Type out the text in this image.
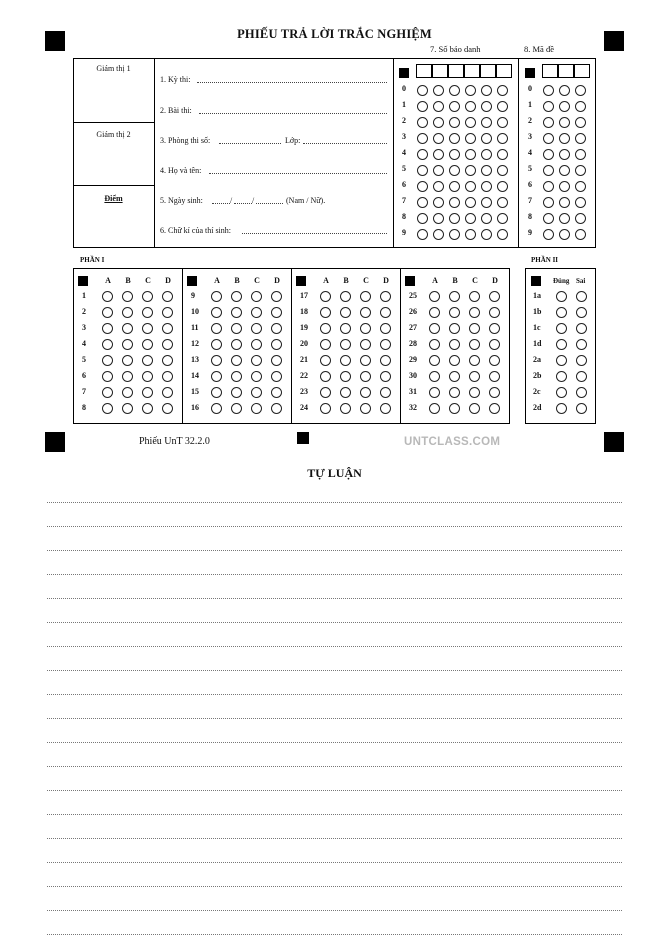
PHIẾU TRẢ LỜI TRẮC NGHIỆM
7. Số báo danh	8. Mã đề
Giám thị 1
Giám thị 2
Điểm
1. Kỳ thi:
2. Bài thi:
3. Phòng thi số:	Lớp:
4. Họ và tên:
5. Ngày sinh:	/ /	(Nam / Nữ).
6. Chữ kí của thí sinh:
0
1
2
3
4
5
6
7
8
9
0
1
2
3
4
5
6
7
8
9
PHẦN I
A	B	C	D
1
2
3
4
5
6
7
8
A	B	C	D
9
10
11
12
13
14
15
16
A	B	C	D
17
18
19
20
21
22
23
24
A	B	C	D
25
26
27
28
29
30
31
32
PHẦN II
Đúng Sai
1a
1b
1c
1d
2a
2b
2c
2d
Phiếu UnT 32.2.0	UNTCLASS.COM
TỰ LUẬN
